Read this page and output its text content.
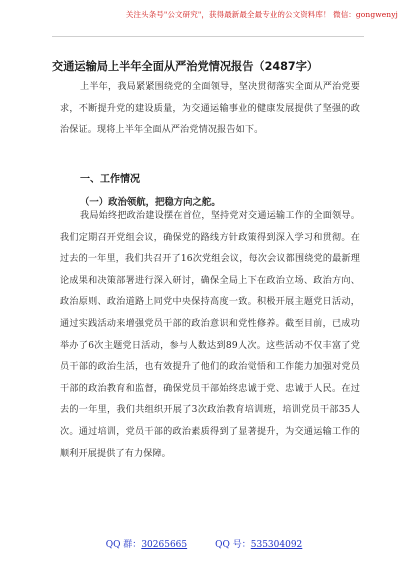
关注头条号"公文研究"，获得最新最全最专业的公文资料库！ 微信：gongwenyj
交通运输局上半年全面从严治党情况报告（2487字）

上半年，我局紧紧围绕党的全面领导，坚决贯彻落实全面从严治党要求，不断提升党的建设质量，为交通运输事业的健康发展提供了坚强的政治保证。现将上半年全面从严治党情况报告如下。

一、工作情况
（一）政治领航，把稳方向之舵。

我局始终把政治建设摆在首位，坚持党对交通运输工作的全面领导。我们定期召开党组会议，确保党的路线方针政策得到深入学习和贯彻。在过去的一年里，我们共召开了16次党组会议，每次会议都围绕党的最新理论成果和决策部署进行深入研讨，确保全局上下在政治立场、政治方向、政治原则、政治道路上同党中央保持高度一致。积极开展主题党日活动，通过实践活动来增强党员干部的政治意识和党性修养。截至目前，已成功举办了6次主题党日活动，参与人数达到89人次。这些活动不仅丰富了党员干部的政治生活，也有效提升了他们的政治觉悟和工作能力加强对党员干部的政治教育和监督，确保党员干部始终忠诚于党、忠诚于人民。在过去的一年里，我们共组织开展了3次政治教育培训班，培训党员干部35人次。通过培训，党员干部的政治素质得到了显著提升，为交通运输工作的顺利开展提供了有力保障。

QQ 群：30265665	QQ 号：535304092
